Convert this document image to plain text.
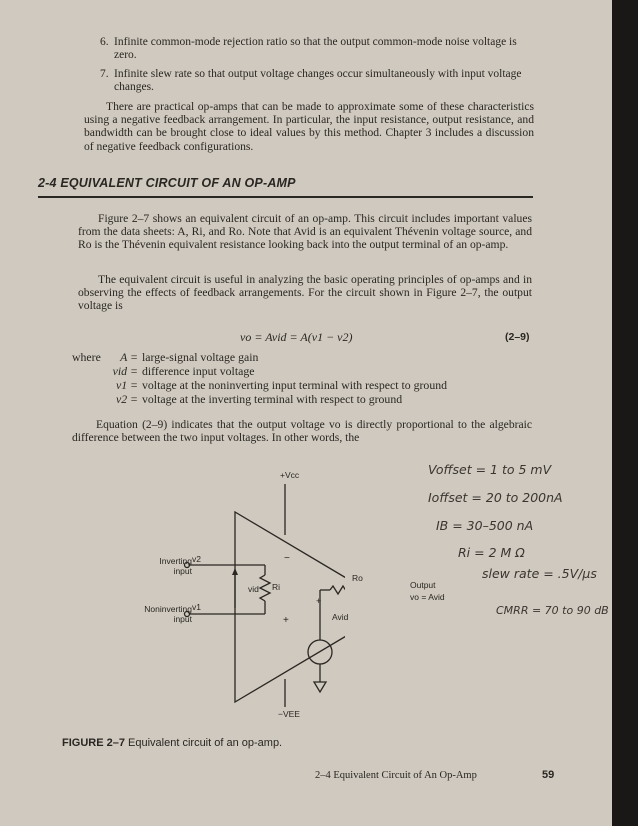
6. Infinite common-mode rejection ratio so that the output common-mode noise voltage is zero.
7. Infinite slew rate so that output voltage changes occur simultaneously with input voltage changes.
There are practical op-amps that can be made to approximate some of these characteristics using a negative feedback arrangement. In particular, the input resistance, output resistance, and bandwidth can be brought close to ideal values by this method. Chapter 3 includes a discussion of negative feedback configurations.
2-4 EQUIVALENT CIRCUIT OF AN OP-AMP
Figure 2–7 shows an equivalent circuit of an op-amp. This circuit includes important values from the data sheets: A, Ri, and Ro. Note that Avid is an equivalent Thévenin voltage source, and Ro is the Thévenin equivalent resistance looking back into the output terminal of an op-amp.
The equivalent circuit is useful in analyzing the basic operating principles of op-amps and in observing the effects of feedback arrangements. For the circuit shown in Figure 2–7, the output voltage is
vo = Avid = A(v1 − v2)	(2–9)
where	A = large-signal voltage gain
vid = difference input voltage
v1 = voltage at the noninverting input terminal with respect to ground
v2 = voltage at the inverting terminal with respect to ground
Equation (2–9) indicates that the output voltage vo is directly proportional to the algebraic difference between the two input voltages. In other words, the
+Vcc
−VEE
Inverting
input
v2
Noninverting
input
v1
vid Ri
Ro
Avid
Output
vo = Avid
−
+
+
Voffset = 1 to 5 mV
Ioffset = 20 to 200nA
IB = 30–500 nA
Ri = 2 M Ω
slew rate = .5V/μs
CMRR = 70 to 90 dB
FIGURE 2–7 Equivalent circuit of an op-amp.
2–4 Equivalent Circuit of An Op-Amp	59
